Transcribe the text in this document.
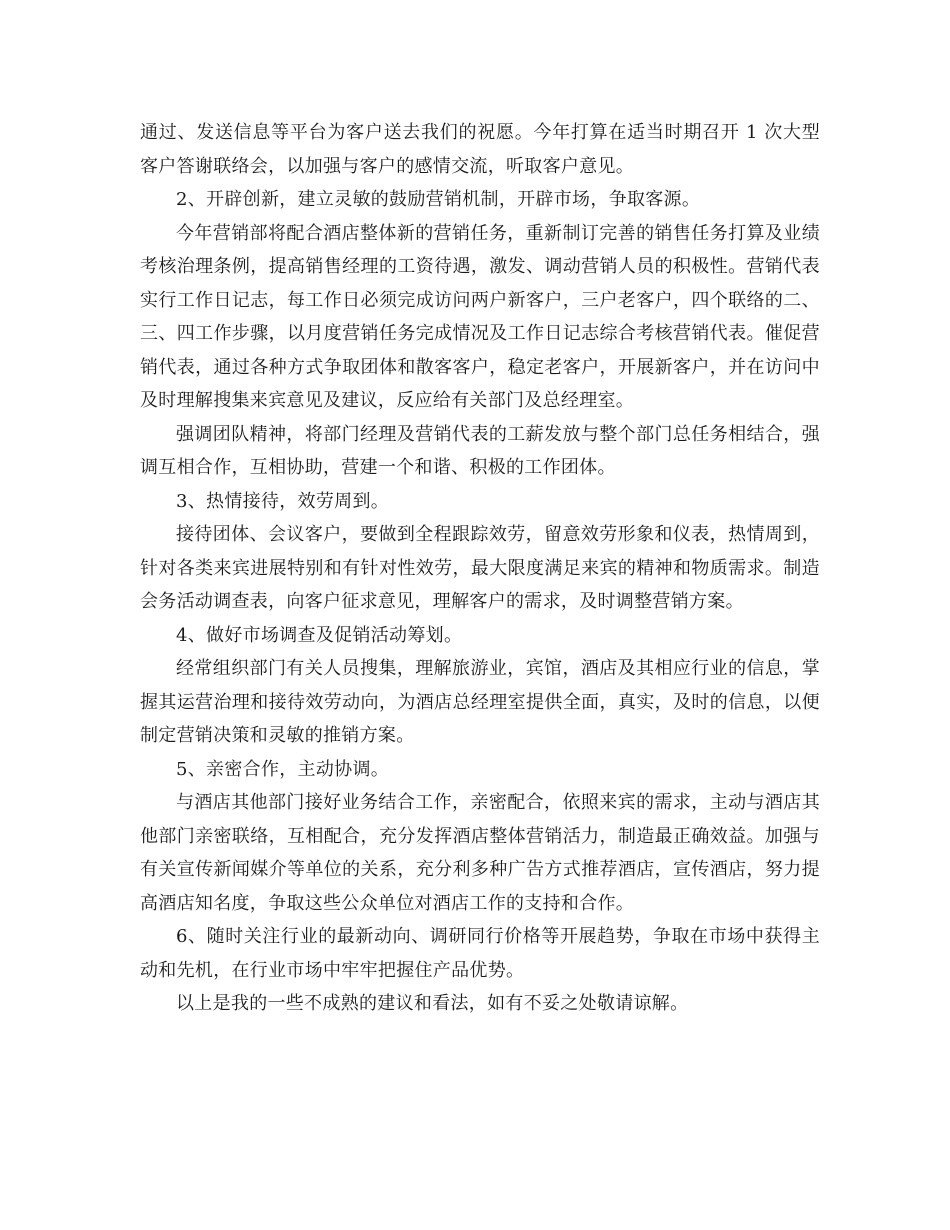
通过、发送信息等平台为客户送去我们的祝愿。今年打算在适当时期召开 1 次大型客户答谢联络会，以加强与客户的感情交流，听取客户意见。

2、开辟创新，建立灵敏的鼓励营销机制，开辟市场，争取客源。

今年营销部将配合酒店整体新的营销任务，重新制订完善的销售任务打算及业绩考核治理条例，提高销售经理的工资待遇，激发、调动营销人员的积极性。营销代表实行工作日记志，每工作日必须完成访问两户新客户，三户老客户，四个联络的二、三、四工作步骤，以月度营销任务完成情况及工作日记志综合考核营销代表。催促营销代表，通过各种方式争取团体和散客客户，稳定老客户，开展新客户，并在访问中及时理解搜集来宾意见及建议，反应给有关部门及总经理室。

强调团队精神，将部门经理及营销代表的工薪发放与整个部门总任务相结合，强调互相合作，互相协助，营建一个和谐、积极的工作团体。

3、热情接待，效劳周到。

接待团体、会议客户，要做到全程跟踪效劳，留意效劳形象和仪表，热情周到，针对各类来宾进展特别和有针对性效劳，最大限度满足来宾的精神和物质需求。制造会务活动调查表，向客户征求意见，理解客户的需求，及时调整营销方案。

4、做好市场调查及促销活动筹划。

经常组织部门有关人员搜集，理解旅游业，宾馆，酒店及其相应行业的信息，掌握其运营治理和接待效劳动向，为酒店总经理室提供全面，真实，及时的信息，以便制定营销决策和灵敏的推销方案。

5、亲密合作，主动协调。

与酒店其他部门接好业务结合工作，亲密配合，依照来宾的需求，主动与酒店其他部门亲密联络，互相配合，充分发挥酒店整体营销活力，制造最正确效益。加强与有关宣传新闻媒介等单位的关系，充分利多种广告方式推荐酒店，宣传酒店，努力提高酒店知名度，争取这些公众单位对酒店工作的支持和合作。

6、随时关注行业的最新动向、调研同行价格等开展趋势，争取在市场中获得主动和先机，在行业市场中牢牢把握住产品优势。

以上是我的一些不成熟的建议和看法，如有不妥之处敬请谅解。
